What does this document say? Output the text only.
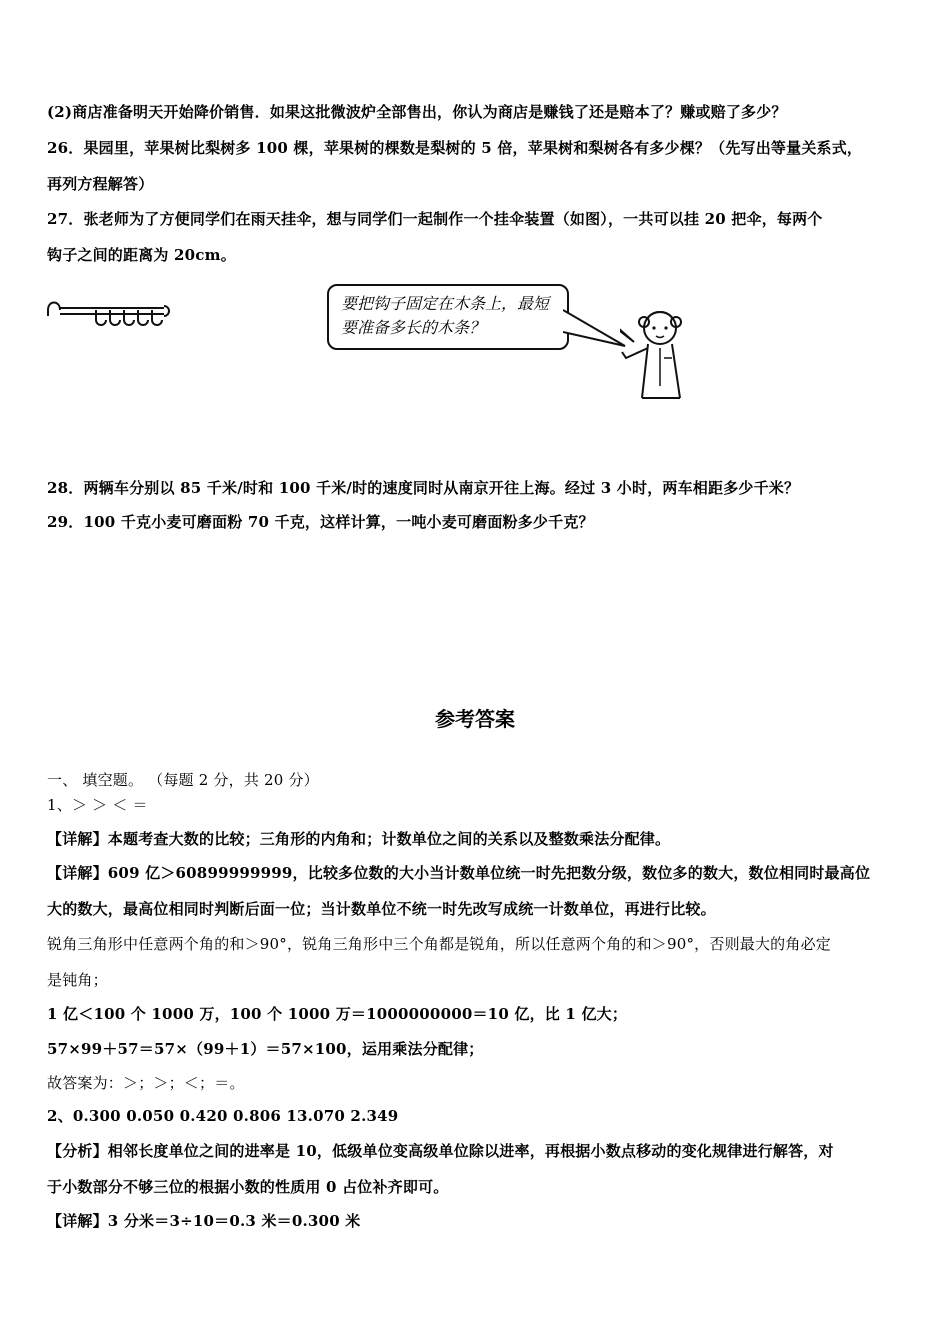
(2)商店准备明天开始降价销售．如果这批微波炉全部售出，你认为商店是赚钱了还是赔本了？赚或赔了多少？
26．果园里，苹果树比梨树多 100 棵，苹果树的棵数是梨树的 5 倍，苹果树和梨树各有多少棵？（先写出等量关系式，
再列方程解答）
27．张老师为了方便同学们在雨天挂伞，想与同学们一起制作一个挂伞装置（如图），一共可以挂 20 把伞，每两个
钩子之间的距离为 20cm。
要把钩子固定在木条上，最短要准备多长的木条？
28．两辆车分别以 85 千米/时和 100 千米/时的速度同时从南京开往上海。经过 3 小时，两车相距多少千米？
29．100 千克小麦可磨面粉 70 千克，这样计算，一吨小麦可磨面粉多少千克？
参考答案
一、 填空题。 （每题 2 分，共 20 分）
1、＞ ＞ ＜ ＝
【详解】本题考查大数的比较；三角形的内角和；计数单位之间的关系以及整数乘法分配律。
【详解】609 亿＞60899999999，比较多位数的大小当计数单位统一时先把数分级，数位多的数大，数位相同时最高位
大的数大，最高位相同时判断后面一位；当计数单位不统一时先改写成统一计数单位，再进行比较。
锐角三角形中任意两个角的和＞90°，锐角三角形中三个角都是锐角，所以任意两个角的和＞90°，否则最大的角必定
是钝角；
1 亿＜100 个 1000 万，100 个 1000 万＝1000000000＝10 亿，比 1 亿大；
57×99＋57＝57×（99＋1）＝57×100，运用乘法分配律；
故答案为：＞；＞；＜；＝。
2、0.300 0.050 0.420 0.806 13.070 2.349
【分析】相邻长度单位之间的进率是 10，低级单位变高级单位除以进率，再根据小数点移动的变化规律进行解答，对
于小数部分不够三位的根据小数的性质用 0 占位补齐即可。
【详解】3 分米＝3÷10＝0.3 米＝0.300 米
